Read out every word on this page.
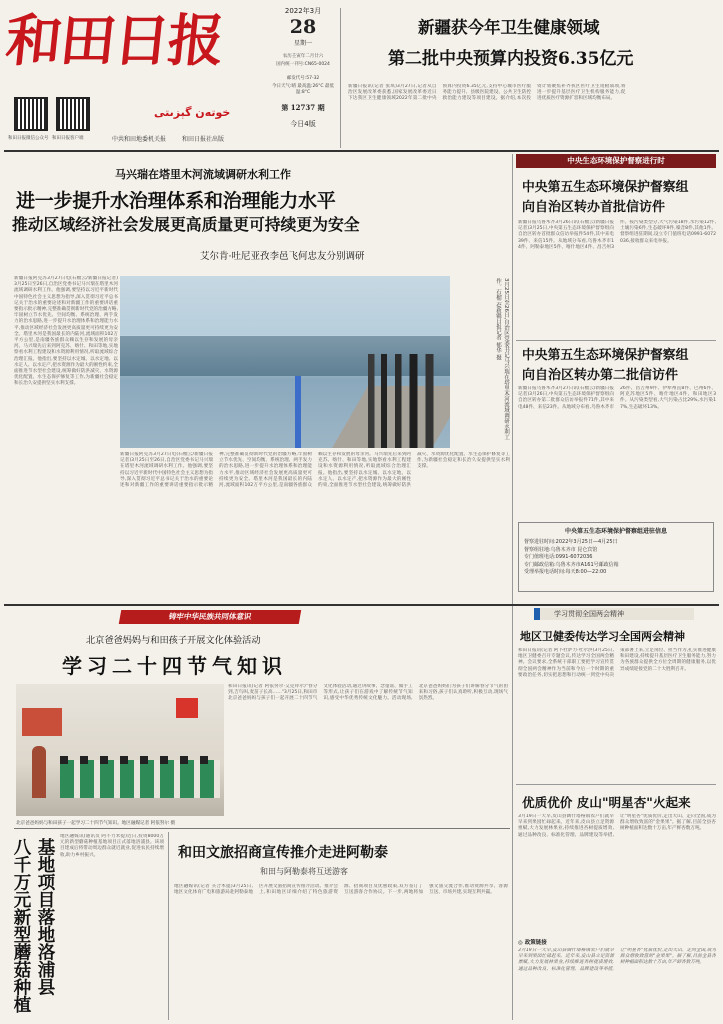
和田日报
和田日报微信公众号 和田日报客户端
خوتەن گېزىتى
中共和田地委机关报	和田日报社出版
2022年3月
28
星期一
农历壬寅年二月廿六
国内统一刊号:CN65-0024
邮发代号:57-32
今日天气:晴 最高温:26°C 最低温:8°C
第 12737 期
今日4版
新疆获今年卫生健康领域
第二批中央预算内投资6.35亿元
新疆日报讯(记者 张琪)3月27日,记者从自治区发展改革委获悉,国家发展改革委近日下达我区卫生健康领域2022年第二批中央预算内投资6.35亿元,支持中心城市医疗服务能力提升、县级医院建设、公共卫生防控救治能力建设等项目建设。据介绍,本次投资计划聚焦补齐我区医疗卫生短板弱项,将进一步提升基层医疗卫生机构服务能力,促进优质医疗资源扩容和区域均衡布局。
马兴瑞在塔里木河流域调研水利工作
进一步提升水治理体系和治理能力水平
推动区域经济社会发展更高质量更可持续更为安全
艾尔肯·吐尼亚孜李邑飞何忠友分别调研
新疆日报阿克苏3月27日电(石榴云/新疆日报记者)3月25日至26日,自治区党委书记马兴瑞在塔里木河流域调研水利工作。他强调,要坚持以习近平新时代中国特色社会主义思想为指导,深入贯彻习近平总书记关于治水的重要论述和对新疆工作的重要讲话重要指示批示精神,完整准确贯彻新时代党的治疆方略,牢固树立节水优先、空间均衡、系统治理、两手发力的治水思路,进一步提升水治理体系和治理能力水平,推动区域经济社会发展更高质量更可持续更为安全。塔里木河是我国最长的内陆河,流域面积102万平方公里,是南疆各族群众赖以生存和发展的母亲河。马兴瑞先后来到阿克苏、喀什、和田等地,实地察看水利工程建设和水资源利用情况,听取流域综合治理汇报。他指出,要坚持以水定城、以水定地、以水定人、以水定产,把水资源作为最大的刚性约束,全面推进节水型社会建设,统筹做好防洪减灾、水资源优化配置、水生态保护修复等工作,为新疆社会稳定和长治久安提供坚实水利支撑。	3月25日至26日,自治区党委书记马兴瑞在塔里木河流域调研水利工作。石榴云/新疆日报记者 郁华 摄
新疆日报阿克苏3月27日电(石榴云/新疆日报记者)3月25日至26日,自治区党委书记马兴瑞在塔里木河流域调研水利工作。他强调,要坚持以习近平新时代中国特色社会主义思想为指导,深入贯彻习近平总书记关于治水的重要论述和对新疆工作的重要讲话重要指示批示精神,完整准确贯彻新时代党的治疆方略,牢固树立节水优先、空间均衡、系统治理、两手发力的治水思路,进一步提升水治理体系和治理能力水平,推动区域经济社会发展更高质量更可持续更为安全。塔里木河是我国最长的内陆河,流域面积102万平方公里,是南疆各族群众赖以生存和发展的母亲河。马兴瑞先后来到阿克苏、喀什、和田等地,实地察看水利工程建设和水资源利用情况,听取流域综合治理汇报。他指出,要坚持以水定城、以水定地、以水定人、以水定产,把水资源作为最大的刚性约束,全面推进节水型社会建设,统筹做好防洪减灾、水资源优化配置、水生态保护修复等工作,为新疆社会稳定和长治久安提供坚实水利支撑。
中央生态环境保护督察进行时
中央第五生态环境保护督察组
向自治区转办首批信访件
新疆日报乌鲁木齐3月26日讯(石榴云/新疆日报记者)3月25日,中央第五生态环境保护督察组向自治区转办首批群众信访举报件54件,其中来电39件、来信15件。从地域分布看,乌鲁木齐市14件、阿勒泰地区5件、喀什地区4件、昌吉州3件。按污染类型分,大气污染18件,水污染12件,土壤污染6件,生态破坏9件,噪音8件,其他1件。督察组进驻期间,设立专门值班电话0991-6072036,接收群众来电举报。
中央第五生态环境保护督察组
向自治区转办第二批信访件
新疆日报乌鲁木齐3月27日讯(石榴云/新疆日报记者)3月26日,中央第五生态环境保护督察组向自治区转办第二批群众信访举报件71件,其中来电48件、来信23件。从地域分布看,乌鲁木齐市26件、昌吉州9件、伊犁州直8件、巴州6件、阿克苏地区5件、喀什地区4件、和田地区3件。从污染类型看,大气污染占比29%,水污染17%,生态破坏13%。
中央第五生态环境保护督察组进驻信息
督察进驻时间:2022年3月25日—4月25日
督察组驻地:乌鲁木齐市 昆仑宾馆
专门值班电话:0991-6072036
专门邮政信箱:乌鲁木齐市A161号邮政信箱
受理举报电话时间:每天8:00—22:00
铸牢中华民族共同体意识
北京爸爸妈妈与和田孩子开展文化体验活动
学习二十四节气知识
北京爸爸妈妈与和田孩子一起学习二十四节气知识。地区融媒记者 阿依努尔 摄
和田日报讯(记者 阿依努尔·艾克拜尔)"春分到,吉鸟叫,麦苗子长高……"3月25日,和田市北京爸爸妈妈与孩子们一起开展二十四节气文化体验活动,通过讲故事、念童谣、做手工等形式,让孩子们在游戏中了解传统节气知识,感受中华优秀传统文化魅力。活动现场,北京爸爸妈妈们为孩子们讲解春分节气的由来和习俗,孩子们认真聆听,积极互动,现场气氛热烈。
八千万元新型蘑菇种植 基地项目落地洛浦县
地区融媒讯(通讯员 阿不力米提)近日,投资8000万元的新型蘑菇种植基地项目正式落地洛浦县。该项目建成后将带动周边群众就近就业,促进农民持续增收,助力乡村振兴。	和田文旅招商宣传推介走进阿勒泰
和田与阿勒泰将互送游客
地区融媒讯(记者 买合木提)3月25日,地区文化体育广电和旅游局赴阿勒泰地区开展文旅招商宣传推介活动。推介会上,和田地区详细介绍了特色旅游资源、招商项目及优惠政策,双方签订了互送游客合作协议。下一步,两地将加强文旅交流合作,推动资源共享、客源互送、市场共建,实现互利共赢。
学习贯彻全国两会精神
地区卫健委传达学习全国两会精神
和田日报讯(记者 阿卜杜萨力·吐尔洪)3月25日,地区卫健委召开专题会议,传达学习全国两会精神。会议要求,全系统干部职工要把学习宣传贯彻全国两会精神作为当前和今后一个时期的重要政治任务,切实把思想和行动统一到党中央决策部署上来,立足岗位、担当作为,扎实推进健康和田建设,持续提升基层医疗卫生服务能力,努力为各族群众提供全方位全周期的健康服务,以优异成绩迎接党的二十大胜利召开。
优质优价 皮山"明星杏"火起来
3月19日一大早,皮山县阔什塔格镇农户们就早早来到果园忙碌起来。近年来,皮山县立足资源禀赋,大力发展林果业,持续推进杏树提质增效,通过品种改良、标准化管理、品牌建设等举措,让"明星杏"优质优价,走出大山、走向全国,成为群众增收致富的"金果果"。据了解,目前全县杏树种植面积达数十万亩,年产鲜杏数万吨。
◎ 政策链接
3月19日一大早,皮山县阔什塔格镇农户们就早早来到果园忙碌起来。近年来,皮山县立足资源禀赋,大力发展林果业,持续推进杏树提质增效,通过品种改良、标准化管理、品牌建设等举措,让"明星杏"优质优价,走出大山、走向全国,成为群众增收致富的"金果果"。据了解,目前全县杏树种植面积达数十万亩,年产鲜杏数万吨。
